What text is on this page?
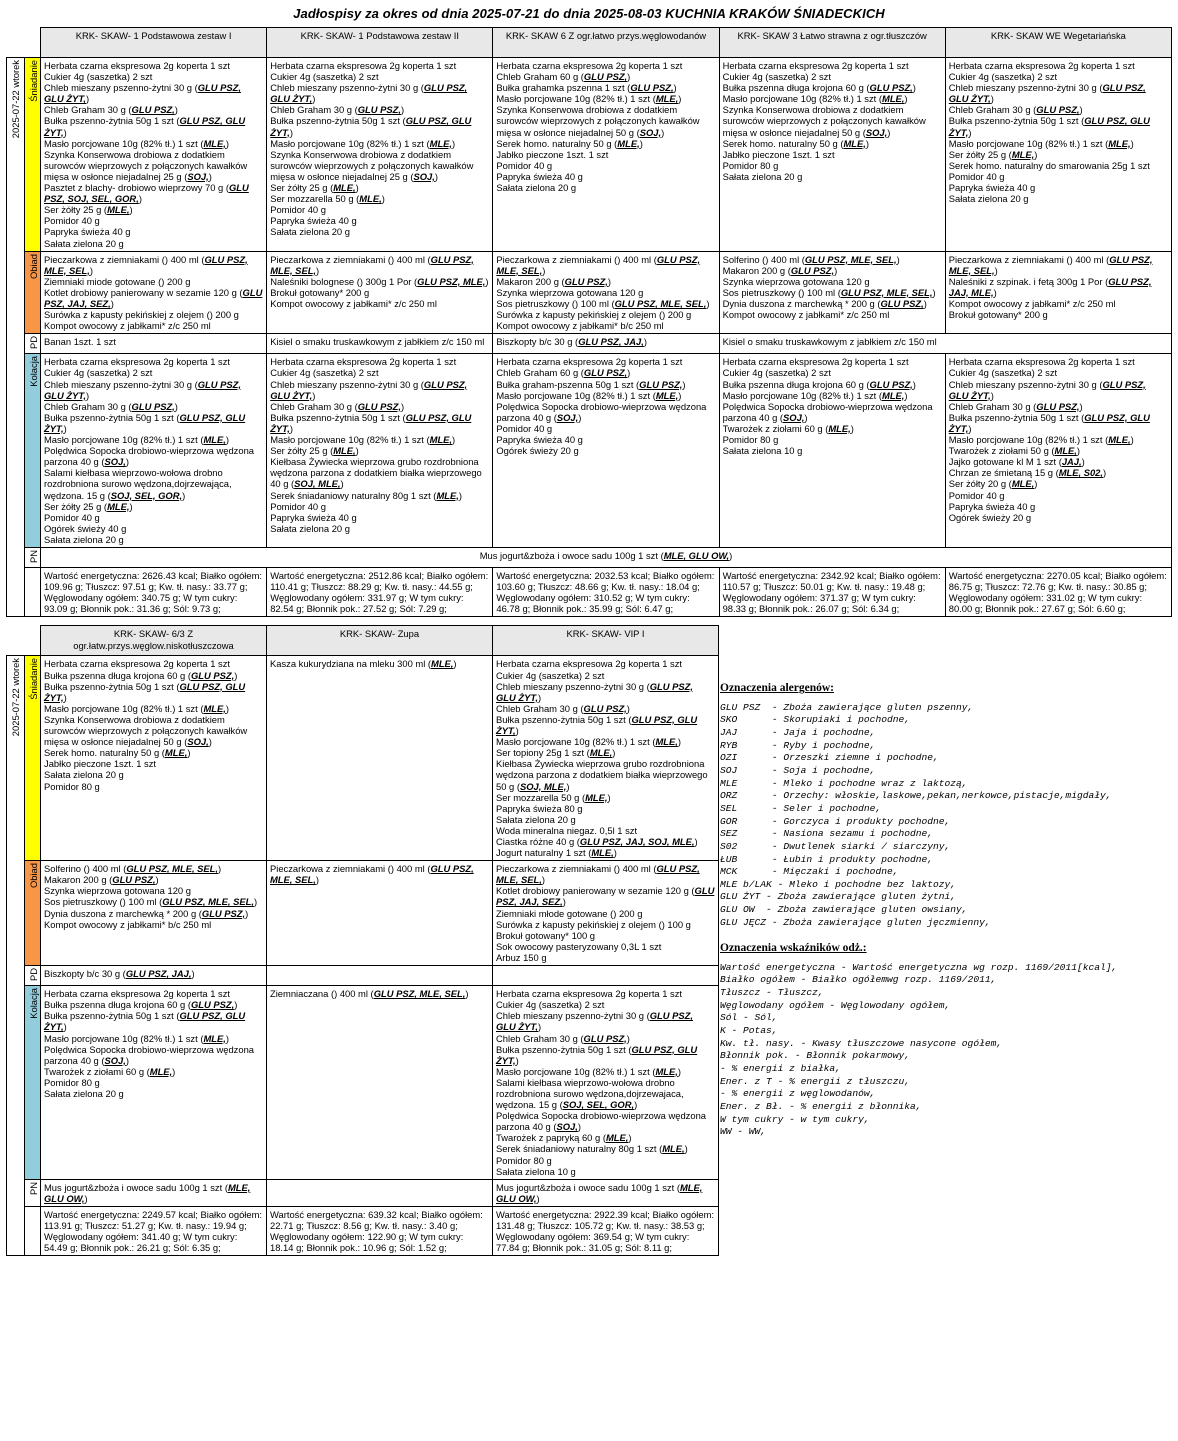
Jadłospisy za okres od dnia 2025-07-21 do dnia 2025-08-03 KUCHNIA KRAKÓW ŚNIADECKICH
		KRK- SKAW- 1 Podstawowa zestaw I	KRK- SKAW- 1 Podstawowa zestaw II	KRK- SKAW 6 Z ogr.łatwo przys.węglowodanów	KRK- SKAW 3 Łatwo strawna z ogr.tłuszczów	KRK- SKAW WE Wegetariańska
2025-07-22 wtorek	Śniadanie	Herbata czarna ekspresowa 2g koperta 1 szt
Cukier 4g (saszetka) 2 szt
Chleb mieszany pszenno-żytni 30 g (GLU PSZ, GLU ŻYT,)
Chleb Graham 30 g (GLU PSZ,)
Bułka pszenno-żytnia 50g 1 szt (GLU PSZ, GLU ŻYT,)
Masło porcjowane 10g (82% tł.) 1 szt (MLE,)
Szynka Konserwowa drobiowa z dodatkiem surowców wieprzowych z połączonych kawałków mięsa w osłonce niejadalnej 25 g (SOJ,)
Pasztet z blachy- drobiowo wieprzowy 70 g (GLU PSZ, SOJ, SEL, GOR,)
Ser żółty 25 g (MLE,)
Pomidor 40 g
Papryka świeża 40 g
Sałata zielona 20 g	Herbata czarna ekspresowa 2g koperta 1 szt
Cukier 4g (saszetka) 2 szt
Chleb mieszany pszenno-żytni 30 g (GLU PSZ, GLU ŻYT,)
Chleb Graham 30 g (GLU PSZ,)
Bułka pszenno-żytnia 50g 1 szt (GLU PSZ, GLU ŻYT,)
Masło porcjowane 10g (82% tł.) 1 szt (MLE,)
Szynka Konserwowa drobiowa z dodatkiem surowców wieprzowych z połączonych kawałków mięsa w osłonce niejadalnej 25 g (SOJ,)
Ser żółty 25 g (MLE,)
Ser mozzarella 50 g (MLE,)
Pomidor 40 g
Papryka świeża 40 g
Sałata zielona 20 g	Herbata czarna ekspresowa 2g koperta 1 szt
Chleb Graham 60 g (GLU PSZ,)
Bułka grahamka pszenna 1 szt (GLU PSZ,)
Masło porcjowane 10g (82% tł.) 1 szt (MLE,)
Szynka Konserwowa drobiowa z dodatkiem surowców wieprzowych z połączonych kawałków mięsa w osłonce niejadalnej 50 g (SOJ,)
Serek homo. naturalny 50 g (MLE,)
Jabłko pieczone 1szt. 1 szt
Pomidor 40 g
Papryka świeża 40 g
Sałata zielona 20 g	Herbata czarna ekspresowa 2g koperta 1 szt
Cukier 4g (saszetka) 2 szt
Bułka pszenna długa krojona 60 g (GLU PSZ,)
Masło porcjowane 10g (82% tł.) 1 szt (MLE,)
Szynka Konserwowa drobiowa z dodatkiem surowców wieprzowych z połączonych kawałków mięsa w osłonce niejadalnej 50 g (SOJ,)
Serek homo. naturalny 50 g (MLE,)
Jabłko pieczone 1szt. 1 szt
Pomidor 80 g
Sałata zielona 20 g	Herbata czarna ekspresowa 2g koperta 1 szt
Cukier 4g (saszetka) 2 szt
Chleb mieszany pszenno-żytni 30 g (GLU PSZ, GLU ŻYT,)
Chleb Graham 30 g (GLU PSZ,)
Bułka pszenno-żytnia 50g 1 szt (GLU PSZ, GLU ŻYT,)
Masło porcjowane 10g (82% tł.) 1 szt (MLE,)
Ser żółty 25 g (MLE,)
Serek homo. naturalny do smarowania 25g 1 szt
Pomidor 40 g
Papryka świeża 40 g
Sałata zielona 20 g
Obiad	Pieczarkowa z ziemniakami () 400 ml (GLU PSZ, MLE, SEL,)
Ziemniaki miode gotowane () 200 g
Kotlet drobiowy panierowany w sezamie 120 g (GLU PSZ, JAJ, SEZ,)
Surówka z kapusty pekińskiej z olejem () 200 g
Kompot owocowy z jabłkami* z/c 250 ml	Pieczarkowa z ziemniakami () 400 ml (GLU PSZ, MLE, SEL,)
Naleśniki bolognese () 300g 1 Por (GLU PSZ, MLE,)
Brokuł gotowany* 200 g
Kompot owocowy z jabłkami* z/c 250 ml	Pieczarkowa z ziemniakami () 400 ml (GLU PSZ, MLE, SEL,)
Makaron 200 g (GLU PSZ,)
Szynka wieprzowa gotowana 120 g
Sos pietruszkowy () 100 ml (GLU PSZ, MLE, SEL,)
Surówka z kapusty pekińskiej z olejem () 200 g
Kompot owocowy z jabłkami* b/c 250 ml	Solferino () 400 ml (GLU PSZ, MLE, SEL,)
Makaron 200 g (GLU PSZ,)
Szynka wieprzowa gotowana 120 g
Sos pietruszkowy () 100 ml (GLU PSZ, MLE, SEL,)
Dynia duszona z marchewką * 200 g (GLU PSZ,)
Kompot owocowy z jabłkami* z/c 250 ml	Pieczarkowa z ziemniakami () 400 ml (GLU PSZ, MLE, SEL,)
Naleśniki z szpinak. i fetą 300g 1 Por (GLU PSZ, JAJ, MLE,)
Kompot owocowy z jabłkami* z/c 250 ml
Brokuł gotowany* 200 g
	PD	Banan 1szt. 1 szt	Kisiel o smaku truskawkowym z jabłkiem z/c 150 ml	Biszkopty b/c 30 g (GLU PSZ, JAJ,)	Kisiel o smaku truskawkowym z jabłkiem z/c 150 ml	
Kolacja	Herbata czarna ekspresowa 2g koperta 1 szt
Cukier 4g (saszetka) 2 szt
Chleb mieszany pszenno-żytni 30 g (GLU PSZ, GLU ŻYT,)
Chleb Graham 30 g (GLU PSZ,)
Bułka pszenno-żytnia 50g 1 szt (GLU PSZ, GLU ŻYT,)
Masło porcjowane 10g (82% tł.) 1 szt (MLE,)
Polędwica Sopocka drobiowo-wieprzowa wędzona parzona 40 g (SOJ,)
Salami kiełbasa wieprzowo-wołowa drobno rozdrobniona surowo wędzona,dojrzewająca, wędzona. 15 g (SOJ, SEL, GOR,)
Ser żółty 25 g (MLE,)
Pomidor 40 g
Ogórek świeży 40 g
Sałata zielona 20 g	Herbata czarna ekspresowa 2g koperta 1 szt
Cukier 4g (saszetka) 2 szt
Chleb mieszany pszenno-żytni 30 g (GLU PSZ, GLU ŻYT,)
Chleb Graham 30 g (GLU PSZ,)
Bułka pszenno-żytnia 50g 1 szt (GLU PSZ, GLU ŻYT,)
Masło porcjowane 10g (82% tł.) 1 szt (MLE,)
Ser żółty 25 g (MLE,)
Kiełbasa Żywiecka wieprzowa grubo rozdrobniona wędzona parzona z dodatkiem białka wieprzowego 40 g (SOJ, MLE,)
Serek śniadaniowy naturalny 80g 1 szt (MLE,)
Pomidor 40 g
Papryka świeża 40 g
Sałata zielona 20 g	Herbata czarna ekspresowa 2g koperta 1 szt
Chleb Graham 60 g (GLU PSZ,)
Bułka graham-pszenna 50g 1 szt (GLU PSZ,)
Masło porcjowane 10g (82% tł.) 1 szt (MLE,)
Polędwica Sopocka drobiowo-wieprzowa wędzona parzona 40 g (SOJ,)
Pomidor 40 g
Papryka świeża 40 g
Ogórek świeży 20 g	Herbata czarna ekspresowa 2g koperta 1 szt
Cukier 4g (saszetka) 2 szt
Bułka pszenna długa krojona 60 g (GLU PSZ,)
Masło porcjowane 10g (82% tł.) 1 szt (MLE,)
Polędwica Sopocka drobiowo-wieprzowa wędzona parzona 40 g (SOJ,)
Twarożek z ziołami 60 g (MLE,)
Pomidor 80 g
Sałata zielona 10 g	Herbata czarna ekspresowa 2g koperta 1 szt
Cukier 4g (saszetka) 2 szt
Chleb mieszany pszenno-żytni 30 g (GLU PSZ, GLU ŻYT,)
Chleb Graham 30 g (GLU PSZ,)
Bułka pszenno-żytnia 50g 1 szt (GLU PSZ, GLU ŻYT,)
Masło porcjowane 10g (82% tł.) 1 szt (MLE,)
Twarożek z ziołami 50 g (MLE,)
Jajko gotowane kl M 1 szt (JAJ,)
Chrzan ze śmietaną 15 g (MLE, S02,)
Ser żółty 20 g (MLE,)
Pomidor 40 g
Papryka świeża 40 g
Ogórek świeży 20 g
	PN	Mus jogurt&zboża i owoce sadu 100g 1 szt (MLE, GLU OW,)				
		Wartość energetyczna: 2626.43 kcal; Białko ogółem: 109.96 g; Tłuszcz: 97.51 g; Kw. tł. nasy.: 33.77 g; Węglowodany ogółem: 340.75 g; W tym cukry: 93.09 g; Błonnik pok.: 31.36 g; Sól: 9.73 g;	Wartość energetyczna: 2512.86 kcal; Białko ogółem: 110.41 g; Tłuszcz: 88.29 g; Kw. tł. nasy.: 44.55 g; Węglowodany ogółem: 331.97 g; W tym cukry: 82.54 g; Błonnik pok.: 27.52 g; Sól: 7.29 g;	Wartość energetyczna: 2032.53 kcal; Białko ogółem: 103.60 g; Tłuszcz: 48.66 g; Kw. tł. nasy.: 18.04 g; Węglowodany ogółem: 310.52 g; W tym cukry: 46.78 g; Błonnik pok.: 35.99 g; Sól: 6.47 g;	Wartość energetyczna: 2342.92 kcal; Białko ogółem: 110.57 g; Tłuszcz: 50.01 g; Kw. tł. nasy.: 19.48 g; Węglowodany ogółem: 371.37 g; W tym cukry: 98.33 g; Błonnik pok.: 26.07 g; Sól: 6.34 g;	Wartość energetyczna: 2270.05 kcal; Białko ogółem: 86.75 g; Tłuszcz: 72.76 g; Kw. tł. nasy.: 30.85 g; Węglowodany ogółem: 331.02 g; W tym cukry: 80.00 g; Błonnik pok.: 27.67 g; Sól: 6.60 g;
		KRK- SKAW- 6/3 Z ogr.łatw.przys.węglow.niskotłuszczowa	KRK- SKAW- Zupa	KRK- SKAW- VIP I
2025-07-22 wtorek	Śniadanie	Herbata czarna ekspresowa 2g koperta 1 szt
Bułka pszenna długa krojona 60 g (GLU PSZ,)
Bułka pszenno-żytnia 50g 1 szt (GLU PSZ, GLU ŻYT,)
Masło porcjowane 10g (82% tł.) 1 szt (MLE,)
Szynka Konserwowa drobiowa z dodatkiem surowców wieprzowych z połączonych kawałków mięsa w osłonce niejadalnej 50 g (SOJ,)
Serek homo. naturalny 50 g (MLE,)
Jabłko pieczone 1szt. 1 szt
Sałata zielona 20 g
Pomidor 80 g	Kasza kukurydziana na mleku 300 ml (MLE,)	Herbata czarna ekspresowa 2g koperta 1 szt
Cukier 4g (saszetka) 2 szt
Chleb mieszany pszenno-żytni 30 g (GLU PSZ, GLU ŻYT,)
Chleb Graham 30 g (GLU PSZ,)
Bułka pszenno-żytnia 50g 1 szt (GLU PSZ, GLU ŻYT,)
Masło porcjowane 10g (82% tł.) 1 szt (MLE,)
Ser topiony 25g 1 szt (MLE,)
Kiełbasa Żywiecka wieprzowa grubo rozdrobniona wędzona parzona z dodatkiem białka wieprzowego 50 g (SOJ, MLE,)
Ser mozzarella 50 g (MLE,)
Papryka świeża 80 g
Sałata zielona 20 g
Woda mineralna niegaz. 0,5l 1 szt
Ciastka różne 40 g (GLU PSZ, JAJ, SOJ, MLE,)
Jogurt naturalny 1 szt (MLE,)
Obiad	Solferino () 400 ml (GLU PSZ, MLE, SEL,)
Makaron 200 g (GLU PSZ,)
Szynka wieprzowa gotowana 120 g
Sos pietruszkowy () 100 ml (GLU PSZ, MLE, SEL,)
Dynia duszona z marchewką * 200 g (GLU PSZ,)
Kompot owocowy z jabłkami* b/c 250 ml	Pieczarkowa z ziemniakami () 400 ml (GLU PSZ, MLE, SEL,)	Pieczarkowa z ziemniakami () 400 ml (GLU PSZ, MLE, SEL,)
Kotlet drobiowy panierowany w sezamie 120 g (GLU PSZ, JAJ, SEZ,)
Ziemniaki młode gotowane () 200 g
Surówka z kapusty pekińskiej z olejem () 100 g
Brokuł gotowany* 100 g
Sok owocowy pasteryzowany 0,3L 1 szt
Arbuz 150 g
	PD	Biszkopty b/c 30 g (GLU PSZ, JAJ,)		
Kolacja	Herbata czarna ekspresowa 2g koperta 1 szt
Bułka pszenna długa krojona 60 g (GLU PSZ,)
Bułka pszenno-żytnia 50g 1 szt (GLU PSZ, GLU ŻYT,)
Masło porcjowane 10g (82% tł.) 1 szt (MLE,)
Polędwica Sopocka drobiowo-wieprzowa wędzona parzona 40 g (SOJ,)
Twarożek z ziołami 60 g (MLE,)
Pomidor 80 g
Sałata zielona 20 g	Ziemniaczana () 400 ml (GLU PSZ, MLE, SEL,)	Herbata czarna ekspresowa 2g koperta 1 szt
Cukier 4g (saszetka) 2 szt
Chleb mieszany pszenno-żytni 30 g (GLU PSZ, GLU ŻYT,)
Chleb Graham 30 g (GLU PSZ,)
Bułka pszenno-żytnia 50g 1 szt (GLU PSZ, GLU ŻYT,)
Masło porcjowane 10g (82% tł.) 1 szt (MLE,)
Salami kiełbasa wieprzowo-wołowa drobno rozdrobniona surowo wędzona,dojrzewajaca, wędzona. 15 g (SOJ, SEL, GOR,)
Polędwica Sopocka drobiowo-wieprzowa wędzona parzona 40 g (SOJ,)
Twarożek z papryką 60 g (MLE,)
Serek śniadaniowy naturalny 80g 1 szt (MLE,)
Pomidor 80 g
Sałata zielona 10 g
	PN	Mus jogurt&zboża i owoce sadu 100g 1 szt (MLE, GLU OW,)		Mus jogurt&zboża i owoce sadu 100g 1 szt (MLE, GLU OW,)
		Wartość energetyczna: 2249.57 kcal; Białko ogółem: 113.91 g; Tłuszcz: 51.27 g; Kw. tł. nasy.: 19.94 g; Węglowodany ogółem: 341.40 g; W tym cukry: 54.49 g; Błonnik pok.: 26.21 g; Sól: 6.35 g;	Wartość energetyczna: 639.32 kcal; Białko ogółem: 22.71 g; Tłuszcz: 8.56 g; Kw. tł. nasy.: 3.40 g; Węglowodany ogółem: 122.90 g; W tym cukry: 18.14 g; Błonnik pok.: 10.96 g; Sól: 1.52 g;	Wartość energetyczna: 2922.39 kcal; Białko ogółem: 131.48 g; Tłuszcz: 105.72 g; Kw. tł. nasy.: 38.53 g; Węglowodany ogółem: 369.54 g; W tym cukry: 77.84 g; Błonnik pok.: 31.05 g; Sól: 8.11 g;
Oznaczenia alergenów:
GLU PSZ  - Zboża zawierające gluten pszenny,
SKO      - Skorupiaki i pochodne,
JAJ      - Jaja i pochodne,
RYB      - Ryby i pochodne,
OZI      - Orzeszki ziemne i pochodne,
SOJ      - Soja i pochodne,
MLE      - Mleko i pochodne wraz z laktozą,
ORZ      - Orzechy: włoskie,laskowe,pekan,nerkowce,pistacje,migdały,
SEL      - Seler i pochodne,
GOR      - Gorczyca i produkty pochodne,
SEZ      - Nasiona sezamu i pochodne,
S02      - Dwutlenek siarki / siarczyny,
ŁUB      - Łubin i produkty pochodne,
MCK      - Mięczaki i pochodne,
MLE b/LAK - Mleko i pochodne bez laktozy,
GLU ŻYT - Zboża zawierające gluten żytni,
GLU OW  - Zboża zawierające gluten owsiany,
GLU JĘCZ - Zboża zawierające gluten jęczmienny,
Oznaczenia wskaźników odż.:
Wartość energetyczna - Wartość energetyczna wg rozp. 1169/2011[kcal],
Białko ogółem - Białko ogółemwg rozp. 1169/2011,
Tłuszcz - Tłuszcz,
Węglowodany ogółem - Węglowodany ogółem,
Sól - Sól,
K - Potas,
Kw. tł. nasy. - Kwasy tłuszczowe nasycone ogółem,
Błonnik pok. - Błonnik pokarmowy,
- % energii z białka,
Ener. z T - % energii z tłuszczu,
- % energii z węglowodanów,
Ener. z Bł. - % energii z błonnika,
W tym cukry - w tym cukry,
WW - WW,
